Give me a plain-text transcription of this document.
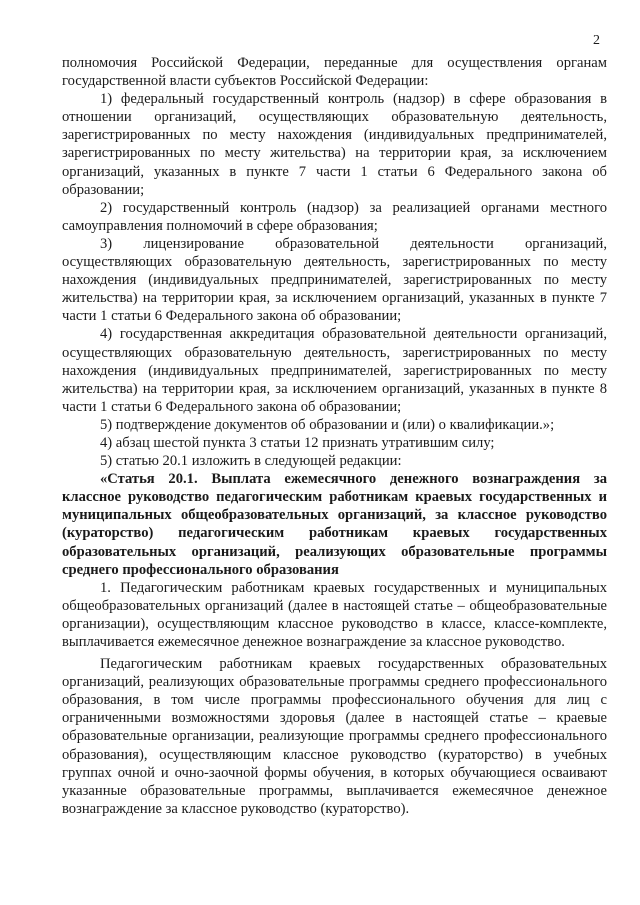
2

полномочия Российской Федерации, переданные для осуществления органам государственной власти субъектов Российской Федерации:

1) федеральный государственный контроль (надзор) в сфере образования в отношении организаций, осуществляющих образовательную деятельность, зарегистрированных по месту нахождения (индивидуальных предпринимателей, зарегистрированных по месту жительства) на территории края, за исключением организаций, указанных в пункте 7 части 1 статьи 6 Федерального закона об образовании;

2) государственный контроль (надзор) за реализацией органами местного самоуправления полномочий в сфере образования;

3) лицензирование образовательной деятельности организаций, осуществляющих образовательную деятельность, зарегистрированных по месту нахождения (индивидуальных предпринимателей, зарегистрированных по месту жительства) на территории края, за исключением организаций, указанных в пункте 7 части 1 статьи 6 Федерального закона об образовании;

4) государственная аккредитация образовательной деятельности организаций, осуществляющих образовательную деятельность, зарегистрированных по месту нахождения (индивидуальных предпринимателей, зарегистрированных по месту жительства) на территории края, за исключением организаций, указанных в пункте 8 части 1 статьи 6 Федерального закона об образовании;

5) подтверждение документов об образовании и (или) о квалификации.»;

4) абзац шестой пункта 3 статьи 12 признать утратившим силу;

5) статью 20.1 изложить в следующей редакции:

«Статья 20.1. Выплата ежемесячного денежного вознаграждения за классное руководство педагогическим работникам краевых государственных и муниципальных общеобразовательных организаций, за классное руководство (кураторство) педагогическим работникам краевых государственных образовательных организаций, реализующих образовательные программы среднего профессионального образования

1. Педагогическим работникам краевых государственных и муниципальных общеобразовательных организаций (далее в настоящей статье – общеобразовательные организации), осуществляющим классное руководство в классе, классе-комплекте, выплачивается ежемесячное денежное вознаграждение за классное руководство.

Педагогическим работникам краевых государственных образовательных организаций, реализующих образовательные программы среднего профессионального образования, в том числе программы профессионального обучения для лиц с ограниченными возможностями здоровья (далее в настоящей статье – краевые образовательные организации, реализующие программы среднего профессионального образования), осуществляющим классное руководство (кураторство) в учебных группах очной и очно-заочной формы обучения, в которых обучающиеся осваивают указанные образовательные программы, выплачивается ежемесячное денежное вознаграждение за классное руководство (кураторство).
